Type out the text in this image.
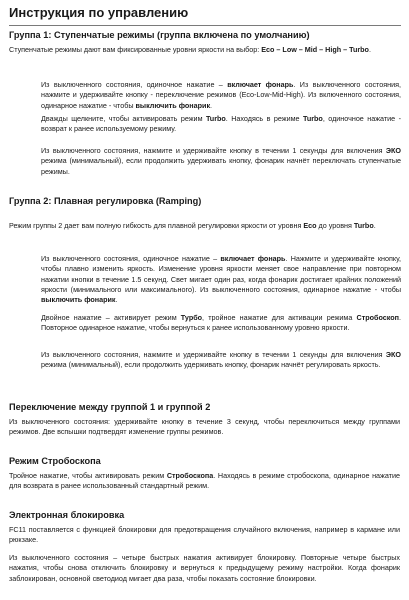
Инструкция по управлению
Группа 1: Ступенчатые режимы (группа включена по умолчанию)

Ступенчатые режимы дают вам фиксированные уровни яркости на выбор: Eco – Low – Mid – High – Turbo.

Из выключенного состояния, одиночное нажатие – включает фонарь. Из выключенного состояния, нажмите и удерживайте кнопку - переключение режимов (Eco-Low-Mid-High). Из включенного состояния, одинарное нажатие - чтобы выключить фонарик.

Дважды щелкните, чтобы активировать режим Turbo. Находясь в режиме Turbo, одиночное нажатие - возврат к ранее используемому режиму.

Из выключенного состояния, нажмите и удерживайте кнопку в течении 1 секунды для включения ЭКО режима (минимальный), если продолжить удерживать кнопку, фонарик начнёт переключать ступенчатые режимы.

Группа 2: Плавная регулировка (Ramping)

Режим группы 2 дает вам полную гибкость для плавной регулировки яркости от уровня Eco до уровня Turbo.

Из выключенного состояния, одиночное нажатие – включает фонарь. Нажмите и удерживайте кнопку, чтобы плавно изменить яркость. Изменение уровня яркости меняет свое направление при повторном нажатии кнопки в течение 1.5 секунд. Свет мигает один раз, когда фонарик достигает крайних положений яркости (минимального или максимального). Из выключенного состояния, одинарное нажатие - чтобы выключить фонарик.

Двойное нажатие – активирует режим Турбо, тройное нажатие для активации режима Стробоскоп. Повторное одинарное нажатие, чтобы вернуться к ранее использованному уровню яркости.

Из выключенного состояния, нажмите и удерживайте кнопку в течении 1 секунды для включения ЭКО режима (минимальный), если продолжить удерживать кнопку, фонарик начнёт регулировать яркость.

Переключение между группой 1 и группой 2

Из выключенного состояния: удерживайте кнопку в течение 3 секунд, чтобы переключиться между группами режимов. Две вспышки подтвердят изменение группы режимов.

Режим Стробоскопа

Тройное нажатие, чтобы активировать режим Стробоскопа. Находясь в режиме стробоскопа, одинарное нажатие для возврата в ранее использованный стандартный режим.

Электронная блокировка

FC11 поставляется с функцией блокировки для предотвращения случайного включения, например в кармане или рюкзаке.

Из выключенного состояния – четыре быстрых нажатия активирует блокировку. Повторные четыре быстрых нажатия, чтобы снова отключить блокировку и вернуться к предыдущему режиму настройки. Когда фонарик заблокирован, основной светодиод мигает два раза, чтобы показать состояние блокировки.
